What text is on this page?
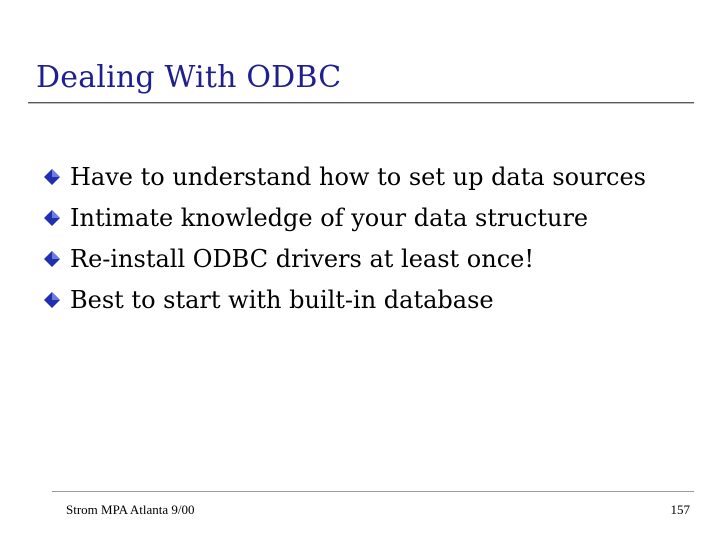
Dealing With ODBC
Have to understand how to set up data sources
Intimate knowledge of your data structure
Re-install ODBC drivers at least once!
Best to start with built-in database
Strom MPA Atlanta 9/00	157
